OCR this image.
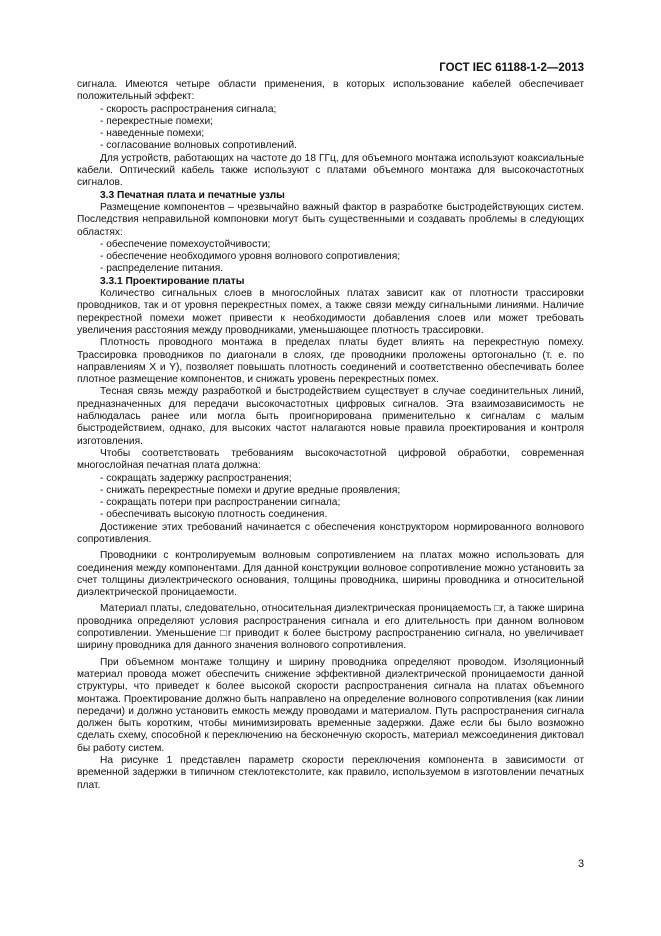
ГОСТ IEC 61188-1-2—2013

сигнала. Имеются четыре области применения, в которых использование кабелей обеспечивает положительный эффект:

- скорость распространения сигнала;

- перекрестные помехи;

- наведенные помехи;

- согласование волновых сопротивлений.

Для устройств, работающих на частоте до 18 ГГц, для объемного монтажа используют коаксиальные кабели. Оптический кабель также используют с платами объемного монтажа для высокочастотных сигналов.

3.3 Печатная плата и печатные узлы

Размещение компонентов – чрезвычайно важный фактор в разработке быстродействующих систем. Последствия неправильной компоновки могут быть существенными и создавать проблемы в следующих областях:

- обеспечение помехоустойчивости;

- обеспечение необходимого уровня волнового сопротивления;

- распределение питания.

3.3.1 Проектирование платы

Количество сигнальных слоев в многослойных платах зависит как от плотности трассировки проводников, так и от уровня перекрестных помех, а также связи между сигнальными линиями. Наличие перекрестной помехи может привести к необходимости добавления слоев или может требовать увеличения расстояния между проводниками, уменьшающее плотность трассировки.

Плотность проводного монтажа в пределах платы будет влиять на перекрестную помеху. Трассировка проводников по диагонали в слоях, где проводники проложены ортогонально (т. е. по направлениям X и Y), позволяет повышать плотность соединений и соответственно обеспечивать более плотное размещение компонентов, и снижать уровень перекрестных помех.

Тесная связь между разработкой и быстродействием существует в случае соединительных линий, предназначенных для передачи высокочастотных цифровых сигналов. Эта взаимозависимость не наблюдалась ранее или могла быть проигнорирована применительно к сигналам с малым быстродействием, однако, для высоких частот налагаются новые правила проектирования и контроля изготовления.

Чтобы соответствовать требованиям высокочастотной цифровой обработки, современная многослойная печатная плата должна:

- сокращать задержку распространения;

- снижать перекрестные помехи и другие вредные проявления;

- сокращать потери при распространении сигнала;

- обеспечивать высокую плотность соединения.

Достижение этих требований начинается с обеспечения конструктором нормированного волнового сопротивления.

Проводники с контролируемым волновым сопротивлением на платах можно использовать для соединения между компонентами. Для данной конструкции волновое сопротивление можно установить за счет толщины диэлектрического основания, толщины проводника, ширины проводника и относительной диэлектрической проницаемости.

Материал платы, следовательно, относительная диэлектрическая проницаемость □r, а также ширина проводника определяют условия распространения сигнала и его длительность при данном волновом сопротивлении. Уменьшение □r приводит к более быстрому распространению сигнала, но увеличивает ширину проводника для данного значения волнового сопротивления.

При объемном монтаже толщину и ширину проводника определяют проводом. Изоляционный материал провода может обеспечить снижение эффективной диэлектрической проницаемости данной структуры, что приведет к более высокой скорости распространения сигнала на платах объемного монтажа. Проектирование должно быть направлено на определение волнового сопротивления (как линии передачи) и должно установить емкость между проводами и материалом. Путь распространения сигнала должен быть коротким, чтобы минимизировать временные задержки. Даже если бы было возможно сделать схему, способной к переключению на бесконечную скорость, материал межсоединения диктовал бы работу систем.

На рисунке 1 представлен параметр скорости переключения компонента в зависимости от временной задержки в типичном стеклотекстолите, как правило, используемом в изготовлении печатных плат.

3
